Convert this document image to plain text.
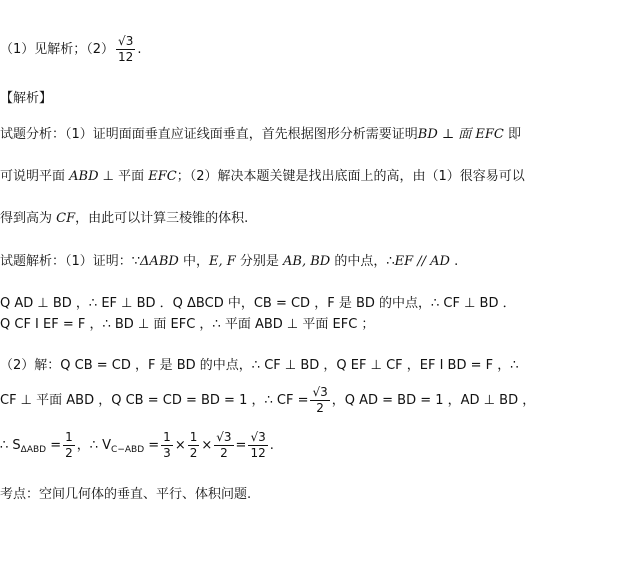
（1）见解析；$(2) \frac{√3}{12}$ .
【解析】
试题分析：（1）证明面面垂直应证线面垂直，首先根据图形分析需要证明BD ⊥ 面 EFC 即
可说明平面 ABD ⊥ 平面 EFC；（2）解决本题关键是找出底面上的高，由（1）很容易可以
得到高为 CF，由此可以计算三棱锥的体积.
试题解析：（1）证明：∵ΔABD 中，E, F 分别是 AB, BD 的中点，∴EF // AD .
Q AD ⊥ BD ，∴ EF ⊥ BD ．Q ΔBCD 中，CB = CD ，F 是 BD 的中点，∴ CF ⊥ BD ．
Q CF I EF = F ，∴ BD ⊥ 面 EFC ，∴ 平面 ABD ⊥ 平面 EFC ；
（2）解：Q CB = CD ，F 是 BD 的中点，∴ CF ⊥ BD ，Q EF ⊥ CF ，EF I BD = F ，∴
CF ⊥ 平面 ABD ，Q CB = CD = BD = 1 ，∴ CF = $\frac{√3}{2}$ ，Q AD = BD = 1 ，AD ⊥ BD ，
∴ $S_{\Delta ABD} = \frac{1}{2}$ ，∴ $V_{C-ABD} = \frac{1}{3} \times \frac{1}{2} \times \frac{√3}{2} = \frac{√3}{12}$ .
考点：空间几何体的垂直、平行、体积问题.
